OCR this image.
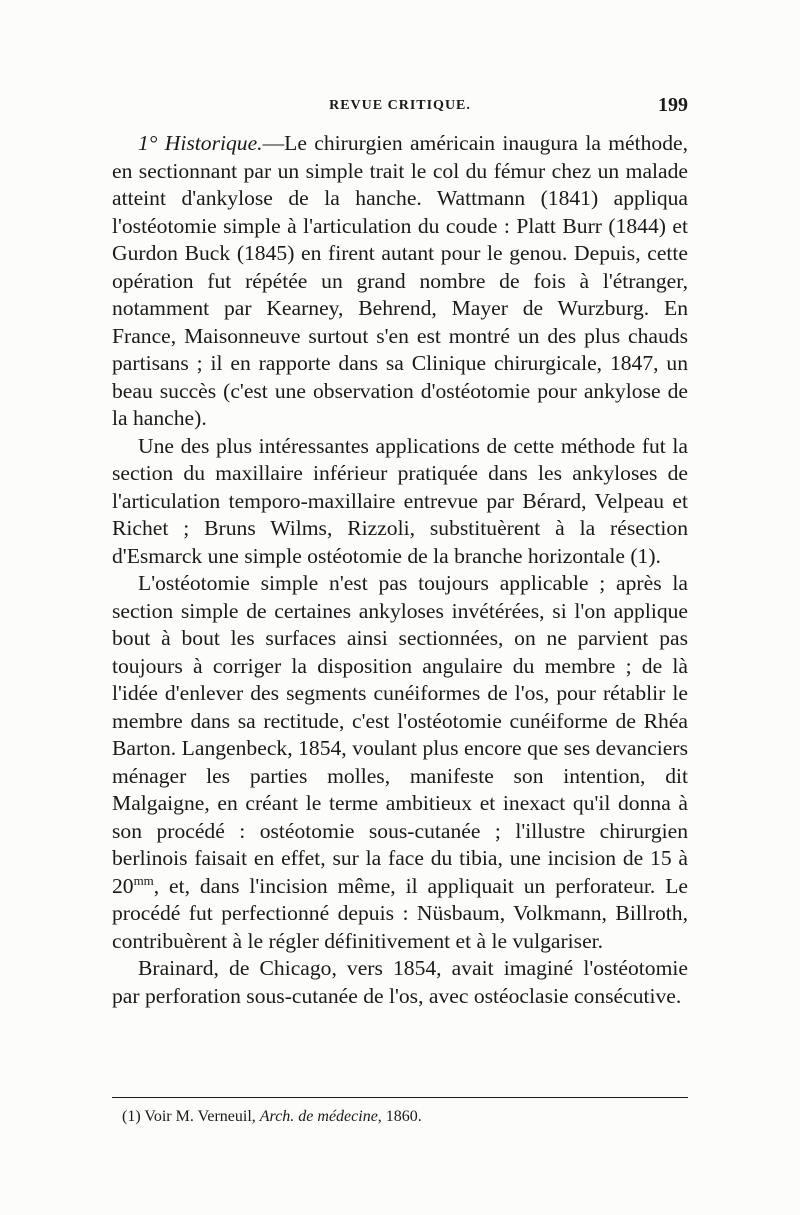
REVUE CRITIQUE.	199

1° Historique.—Le chirurgien américain inaugura la méthode, en sectionnant par un simple trait le col du fémur chez un malade atteint d'ankylose de la hanche. Wattmann (1841) appliqua l'ostéotomie simple à l'articulation du coude : Platt Burr (1844) et Gurdon Buck (1845) en firent autant pour le genou. Depuis, cette opération fut répétée un grand nombre de fois à l'étranger, notamment par Kearney, Behrend, Mayer de Wurzburg. En France, Maisonneuve surtout s'en est montré un des plus chauds partisans ; il en rapporte dans sa Clinique chirurgicale, 1847, un beau succès (c'est une observation d'ostéotomie pour ankylose de la hanche).

Une des plus intéressantes applications de cette méthode fut la section du maxillaire inférieur pratiquée dans les ankyloses de l'articulation temporo-maxillaire entrevue par Bérard, Velpeau et Richet ; Bruns Wilms, Rizzoli, substituèrent à la résection d'Esmarck une simple ostéotomie de la branche horizontale (1).

L'ostéotomie simple n'est pas toujours applicable ; après la section simple de certaines ankyloses invétérées, si l'on applique bout à bout les surfaces ainsi sectionnées, on ne parvient pas toujours à corriger la disposition angulaire du membre ; de là l'idée d'enlever des segments cunéiformes de l'os, pour rétablir le membre dans sa rectitude, c'est l'ostéotomie cunéiforme de Rhéa Barton. Langenbeck, 1854, voulant plus encore que ses devanciers ménager les parties molles, manifeste son intention, dit Malgaigne, en créant le terme ambitieux et inexact qu'il donna à son procédé : ostéotomie sous-cutanée ; l'illustre chirurgien berlinois faisait en effet, sur la face du tibia, une incision de 15 à $20^{mm}$, et, dans l'incision même, il appliquait un perforateur. Le procédé fut perfectionné depuis : Nüsbaum, Volkmann, Billroth, contribuèrent à le régler définitivement et à le vulgariser.

Brainard, de Chicago, vers 1854, avait imaginé l'ostéotomie par perforation sous-cutanée de l'os, avec ostéoclasie consécutive.

(1) Voir M. Verneuil, Arch. de médecine, 1860.
